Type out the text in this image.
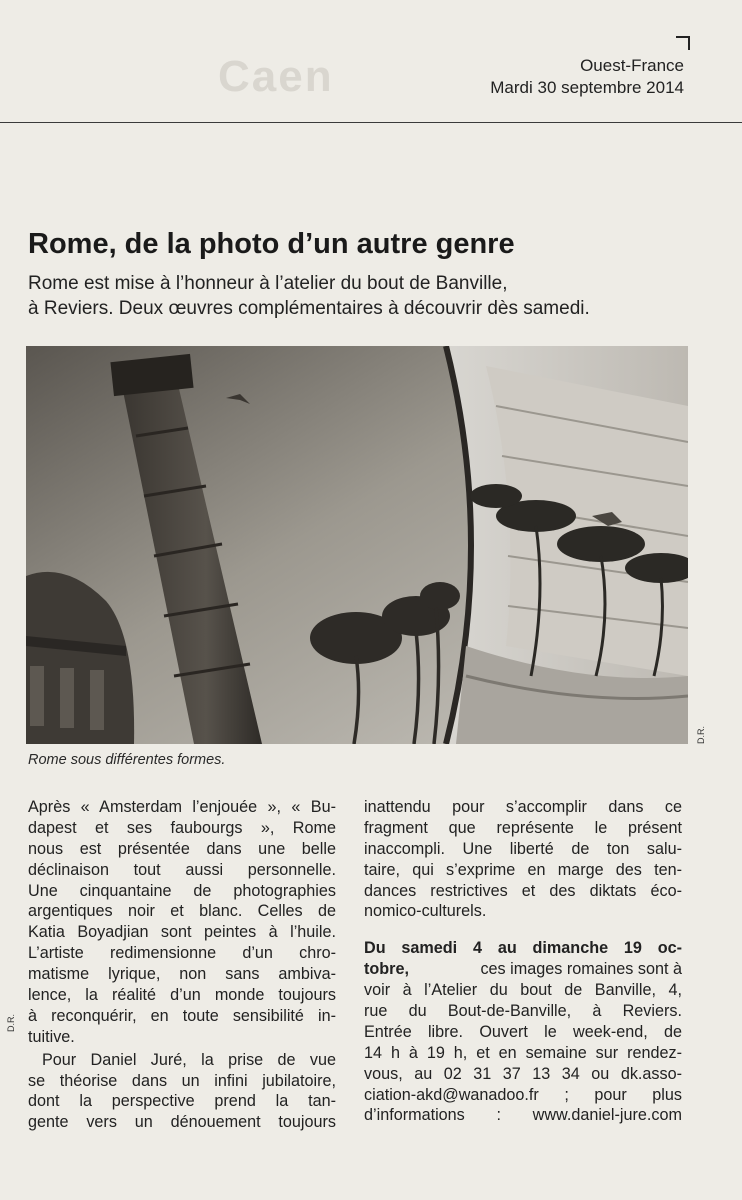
Caen	Ouest-France
Mardi 30 septembre 2014
Rome, de la photo d’un autre genre
Rome est mise à l’honneur à l’atelier du bout de Banville,
à Reviers. Deux œuvres complémentaires à découvrir dès samedi.
D.R.
Rome sous différentes formes.
D.R.
Après « Amsterdam l’enjouée », « Bu-
dapest et ses faubourgs », Rome
nous est présentée dans une belle
déclinaison tout aussi personnelle.
Une cinquantaine de photographies
argentiques noir et blanc. Celles de
Katia Boyadjian sont peintes à l’huile.
L’artiste redimensionne d’un chro-
matisme lyrique, non sans ambiva-
lence, la réalité d’un monde toujours
à reconquérir, en toute sensibilité in-
tuitive.
Pour Daniel Juré, la prise de vue
se théorise dans un infini jubilatoire,
dont la perspective prend la tan-
gente vers un dénouement toujours
inattendu pour s’accomplir dans ce
fragment que représente le présent
inaccompli. Une liberté de ton salu-
taire, qui s’exprime en marge des ten-
dances restrictives et des diktats éco-
nomico-culturels.
Du samedi 4 au dimanche 19 oc-
tobre,	ces images romaines sont à
voir à l’Atelier du bout de Banville, 4,
rue du Bout-de-Banville, à Reviers.
Entrée libre. Ouvert le week-end, de
14 h à 19 h, et en semaine sur rendez-
vous, au 02 31 37 13 34 ou dk.asso-
ciation-akd@wanadoo.fr ; pour plus
d’informations : www.daniel-jure.com
